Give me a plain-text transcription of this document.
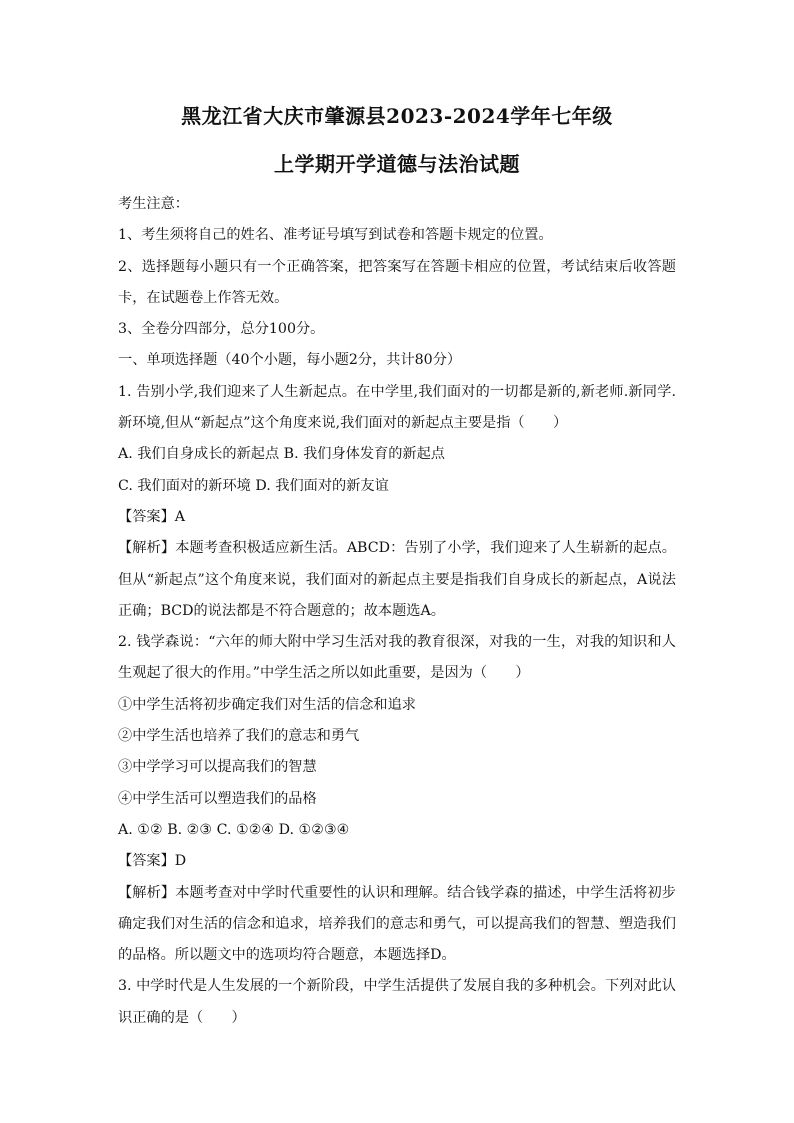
黑龙江省大庆市肇源县2023-2024学年七年级
上学期开学道德与法治试题

考生注意：

1、考生须将自己的姓名、准考证号填写到试卷和答题卡规定的位置。

2、选择题每小题只有一个正确答案，把答案写在答题卡相应的位置，考试结束后收答题卡，在试题卷上作答无效。

3、全卷分四部分，总分100分。

一、单项选择题（40个小题，每小题2分，共计80分）

1. 告别小学,我们迎来了人生新起点。在中学里,我们面对的一切都是新的,新老师.新同学.新环境,但从“新起点”这个角度来说,我们面对的新起点主要是指（　　）

A. 我们自身成长的新起点 B. 我们身体发育的新起点

C. 我们面对的新环境 D. 我们面对的新友谊

【答案】A

【解析】本题考查积极适应新生活。ABCD：告别了小学，我们迎来了人生崭新的起点。但从“新起点”这个角度来说，我们面对的新起点主要是指我们自身成长的新起点，A说法正确；BCD的说法都是不符合题意的；故本题选A。

2. 钱学森说：“六年的师大附中学习生活对我的教育很深，对我的一生，对我的知识和人生观起了很大的作用。”中学生活之所以如此重要，是因为（　　）

①中学生活将初步确定我们对生活的信念和追求

②中学生活也培养了我们的意志和勇气

③中学学习可以提高我们的智慧

④中学生活可以塑造我们的品格

A. ①② B. ②③ C. ①②④ D. ①②③④

【答案】D

【解析】本题考查对中学时代重要性的认识和理解。结合钱学森的描述，中学生活将初步确定我们对生活的信念和追求，培养我们的意志和勇气，可以提高我们的智慧、塑造我们的品格。所以题文中的选项均符合题意，本题选择D。

3. 中学时代是人生发展的一个新阶段，中学生活提供了发展自我的多种机会。下列对此认识正确的是（　　）
